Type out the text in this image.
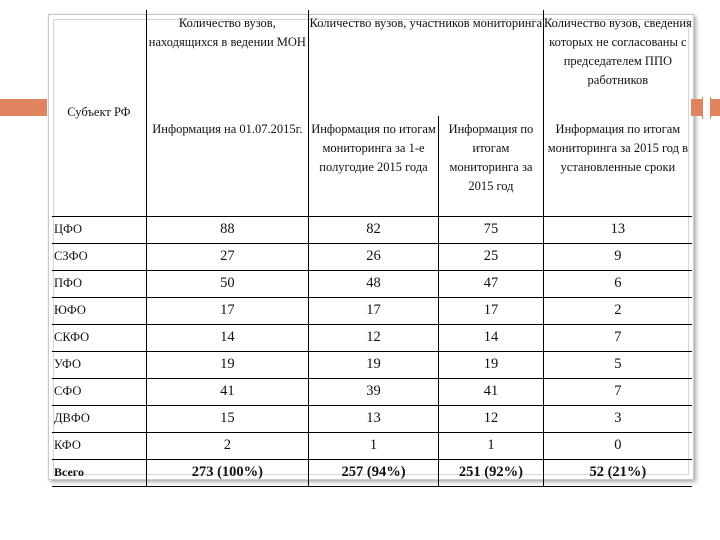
Субъект РФ	Количество вузов, находящихся в ведении МОН	Количество вузов, участников мониторинга		Количество вузов, сведения которых не согласованы с председателем ППО работников
	Информация на 01.07.2015г.	Информация по итогам мониторинга за 1-е полугодие 2015 года	Информация по итогам мониторинга за 2015 год	Информация по итогам мониторинга за 2015 год в установленные сроки
ЦФО	88	82	75	13
СЗФО	27	26	25	9
ПФО	50	48	47	6
ЮФО	17	17	17	2
СКФО	14	12	14	7
УФО	19	19	19	5
СФО	41	39	41	7
ДВФО	15	13	12	3
КФО	2	1	1	0
Всего	273 (100%)	257 (94%)	251 (92%)	52 (21%)
